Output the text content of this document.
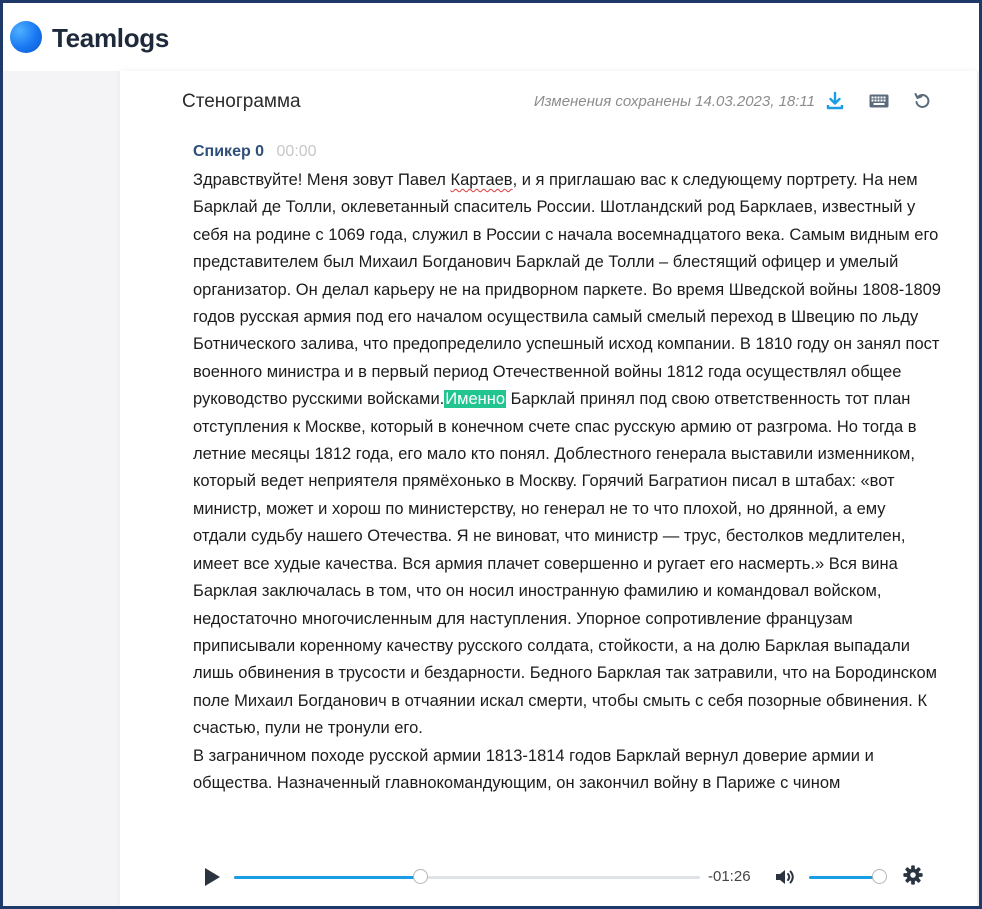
Teamlogs
Стенограмма	Изменения сохранены 14.03.2023, 18:11
Спикер 0 00:00

Здравствуйте! Меня зовут Павел Картаев, и я приглашаю вас к следующему портрету. На нем Барклай де Толли, оклеветанный спаситель России. Шотландский род Барклаев, известный у себя на родине с 1069 года, служил в России с начала восемнадцатого века. Самым видным его представителем был Михаил Богданович Барклай де Толли – блестящий офицер и умелый организатор. Он делал карьеру не на придворном паркете. Во время Шведской войны 1808-1809 годов русская армия под его началом осуществила самый смелый переход в Швецию по льду Ботнического залива, что предопределило успешный исход компании. В 1810 году он занял пост военного министра и в первый период Отечественной войны 1812 года осуществлял общее руководство русскими войсками.Именно Барклай принял под свою ответственность тот план отступления к Москве, который в конечном счете спас русскую армию от разгрома. Но тогда в летние месяцы 1812 года, его мало кто понял. Доблестного генерала выставили изменником, который ведет неприятеля прямёхонько в Москву. Горячий Багратион писал в штабах: «вот министр, может и хорош по министерству, но генерал не то что плохой, но дрянной, а ему отдали судьбу нашего Отечества. Я не виноват, что министр — трус, бестолков медлителен, имеет все худые качества. Вся армия плачет совершенно и ругает его насмерть.» Вся вина Барклая заключалась в том, что он носил иностранную фамилию и командовал войском, недостаточно многочисленным для наступления. Упорное сопротивление французам приписывали коренному качеству русского солдата, стойкости, а на долю Барклая выпадали лишь обвинения в трусости и бездарности. Бедного Барклая так затравили, что на Бородинском поле Михаил Богданович в отчаянии искал смерти, чтобы смыть с себя позорные обвинения. К счастью, пули не тронули его.

В заграничном походе русской армии 1813-1814 годов Барклай вернул доверие армии и общества. Назначенный главнокомандующим, он закончил войну в Париже с чином

-01:26
